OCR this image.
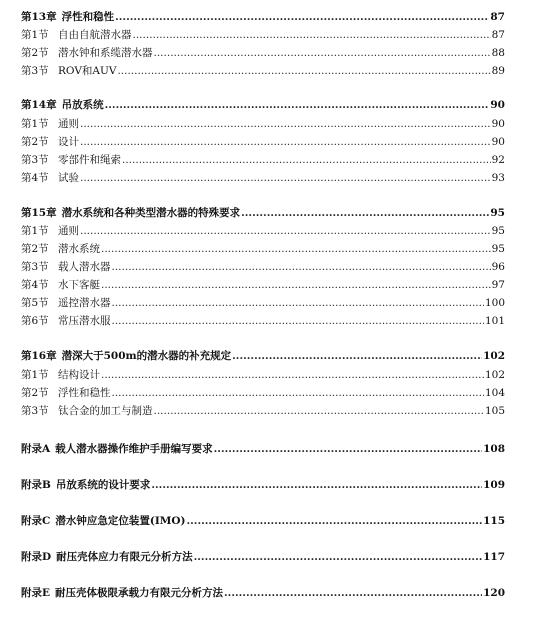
第13章 浮性和稳性 .....	87
第1节 自由自航潜水器 .....	87
第2节 潜水钟和系缆潜水器 .....	88
第3节 ROV和AUV .....	89
第14章 吊放系统 .....	90
第1节 通则 .....	90
第2节 设计 .....	90
第3节 零部件和绳索 .....	92
第4节 试验 .....	93
第15章 潜水系统和各种类型潜水器的特殊要求 .....	95
第1节 通则 .....	95
第2节 潜水系统 .....	95
第3节 载人潜水器 .....	96
第4节 水下客艇 .....	97
第5节 遥控潜水器 .....	100
第6节 常压潜水服 .....	101
第16章 潜深大于500m的潜水器的补充规定 .....	102
第1节 结构设计 .....	102
第2节 浮性和稳性 .....	104
第3节 钛合金的加工与制造 .....	105
附录A 载人潜水器操作维护手册编写要求 .....	108
附录B 吊放系统的设计要求 .....	109
附录C 潜水钟应急定位装置(IMO) .....	115
附录D 耐压壳体应力有限元分析方法 .....	117
附录E 耐压壳体极限承载力有限元分析方法 .....	120
